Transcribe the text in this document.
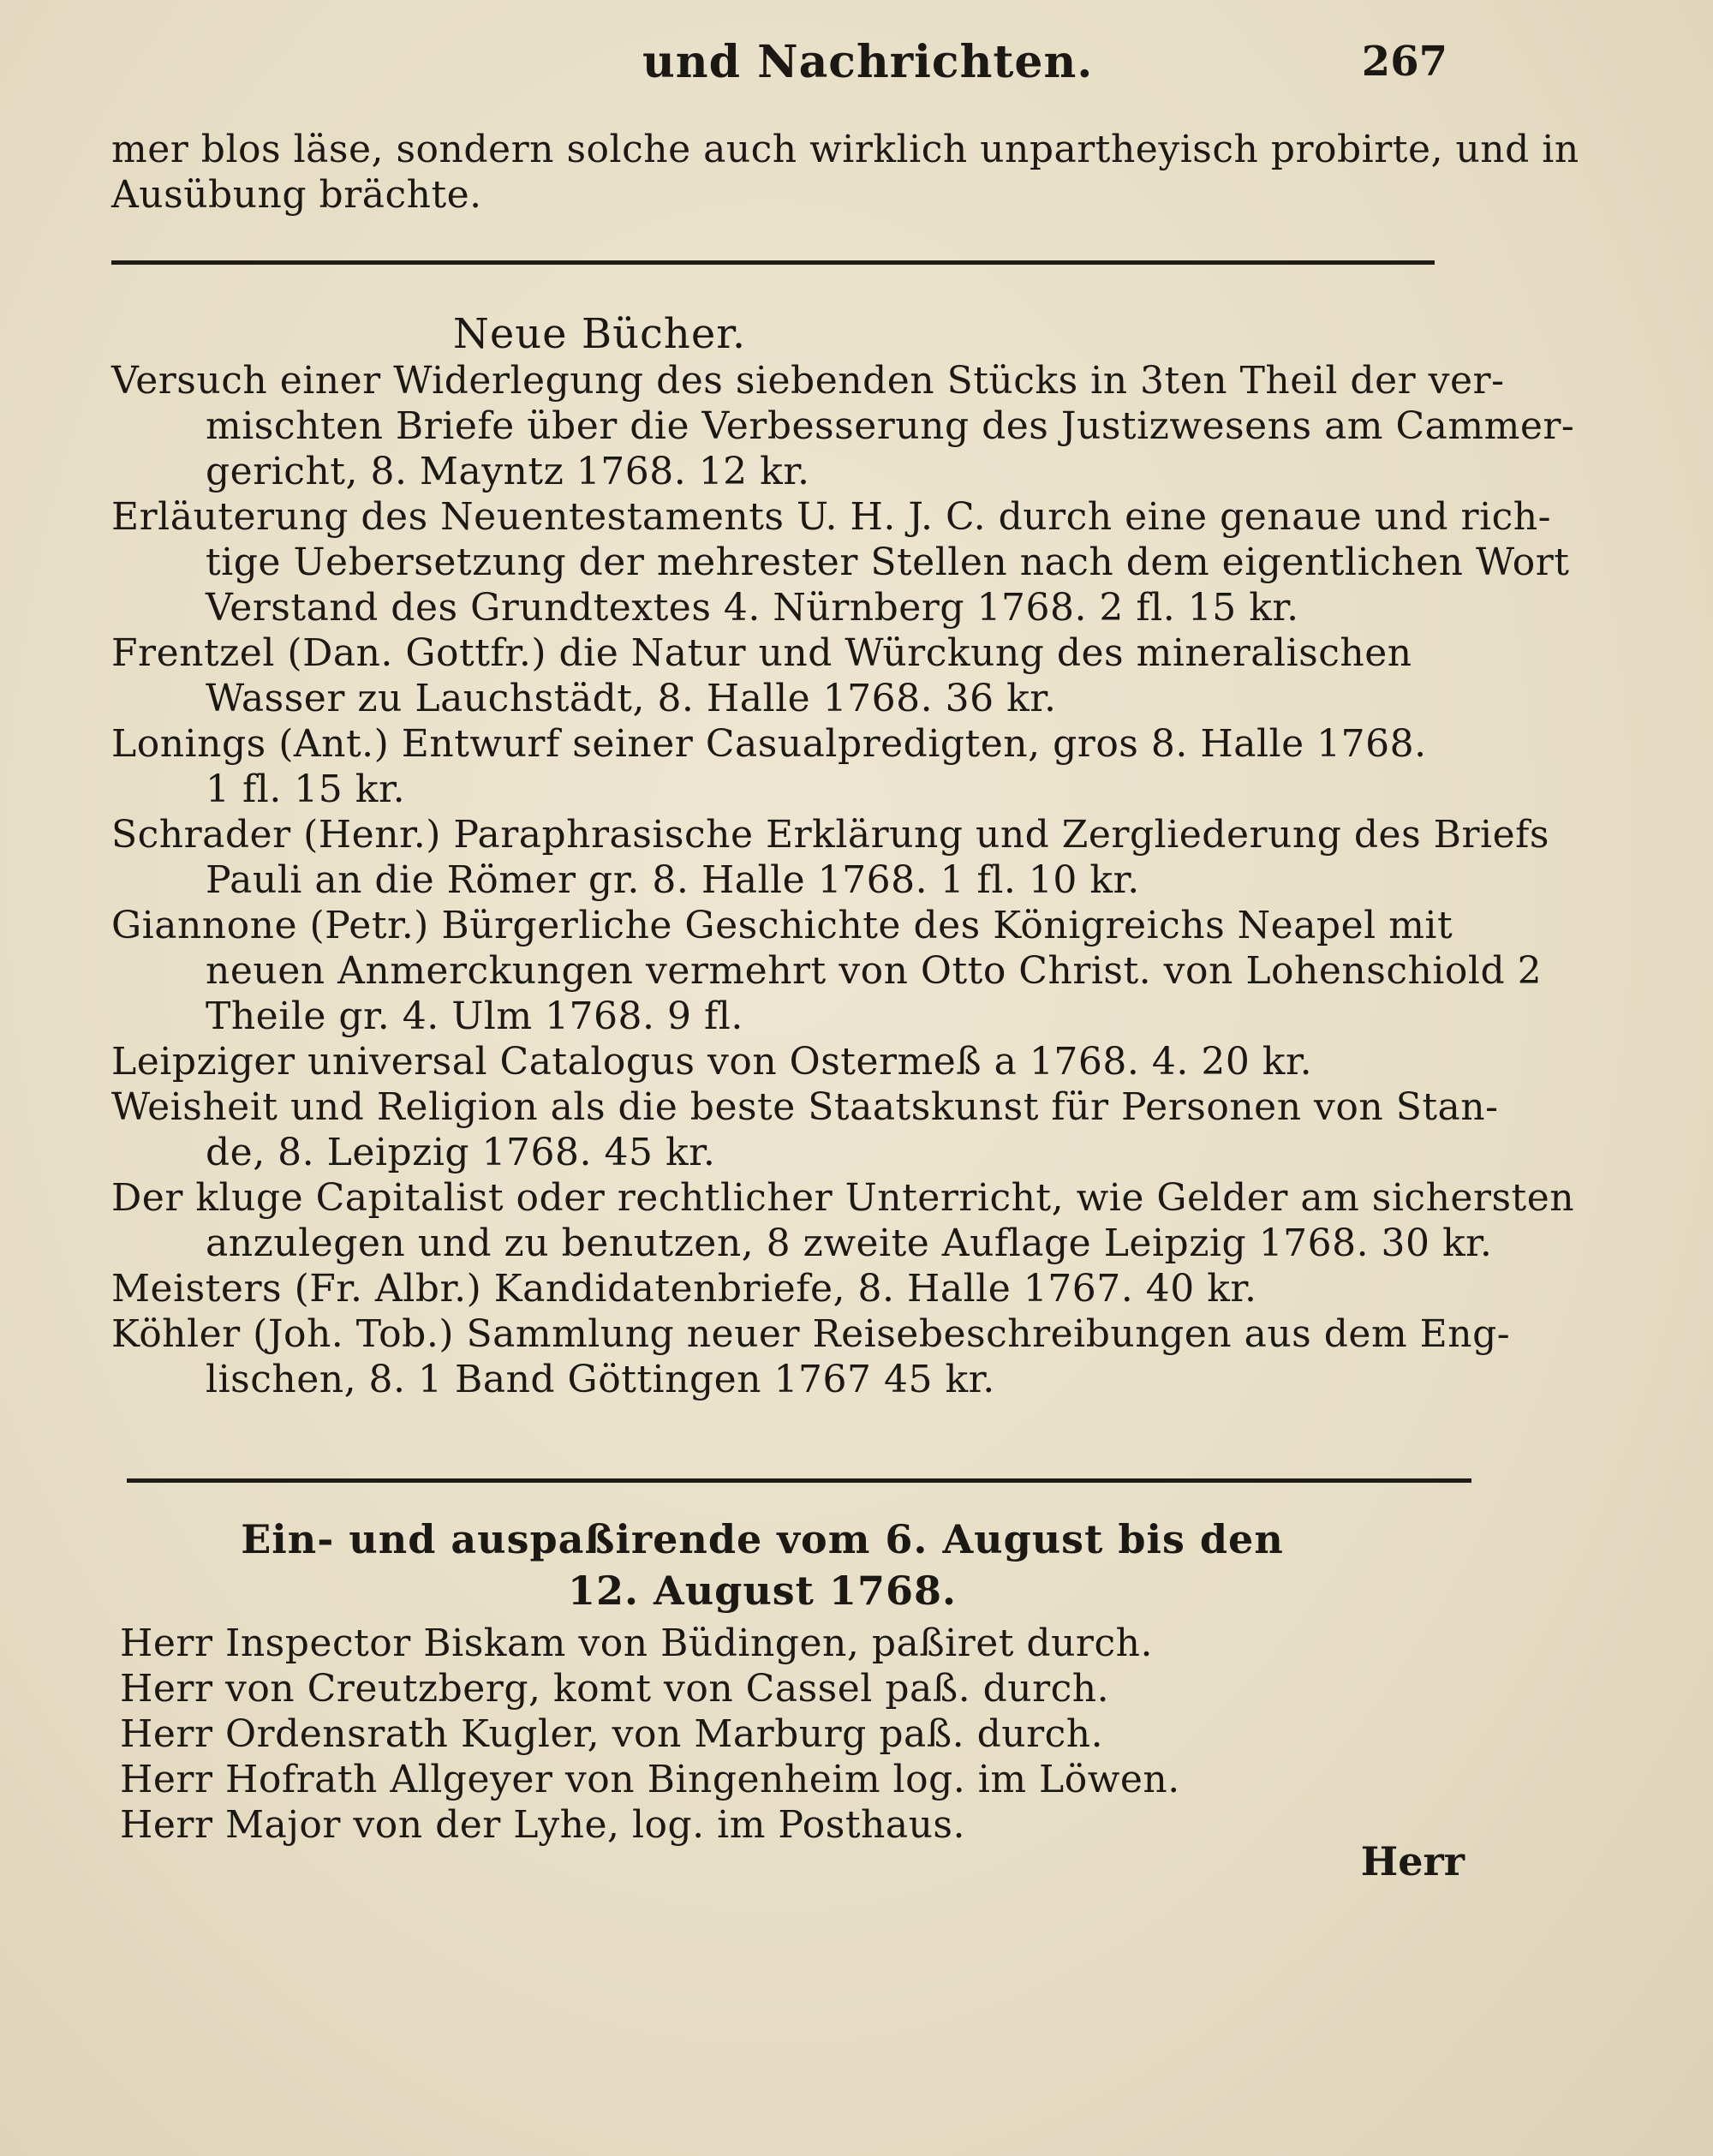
und Nachrichten.	267
mer blos läse, sondern solche auch wirklich unpartheyisch probirte, und in
Ausübung brächte.
Neue Bücher.
Versuch einer Widerlegung des siebenden Stücks in 3ten Theil der ver-
mischten Briefe über die Verbesserung des Justizwesens am Cammer-
gericht, 8. Mayntz 1768. 12 kr.
Erläuterung des Neuentestaments U. H. J. C. durch eine genaue und rich-
tige Uebersetzung der mehrester Stellen nach dem eigentlichen Wort
Verstand des Grundtextes 4. Nürnberg 1768. 2 fl. 15 kr.
Frentzel (Dan. Gottfr.) die Natur und Würckung des mineralischen
Wasser zu Lauchstädt, 8. Halle 1768. 36 kr.
Lonings (Ant.) Entwurf seiner Casualpredigten, gros 8. Halle 1768.
1 fl. 15 kr.
Schrader (Henr.) Paraphrasische Erklärung und Zergliederung des Briefs
Pauli an die Römer gr. 8. Halle 1768. 1 fl. 10 kr.
Giannone (Petr.) Bürgerliche Geschichte des Königreichs Neapel mit
neuen Anmerckungen vermehrt von Otto Christ. von Lohenschiold 2
Theile gr. 4. Ulm 1768. 9 fl.
Leipziger universal Catalogus von Ostermeß a 1768. 4. 20 kr.
Weisheit und Religion als die beste Staatskunst für Personen von Stan-
de, 8. Leipzig 1768. 45 kr.
Der kluge Capitalist oder rechtlicher Unterricht, wie Gelder am sichersten
anzulegen und zu benutzen, 8 zweite Auflage Leipzig 1768. 30 kr.
Meisters (Fr. Albr.) Kandidatenbriefe, 8. Halle 1767. 40 kr.
Köhler (Joh. Tob.) Sammlung neuer Reisebeschreibungen aus dem Eng-
lischen, 8. 1 Band Göttingen 1767 45 kr.
Ein- und auspaßirende vom 6. August bis den
12. August 1768.
Herr Inspector Biskam von Büdingen, paßiret durch.
Herr von Creutzberg, komt von Cassel paß. durch.
Herr Ordensrath Kugler, von Marburg paß. durch.
Herr Hofrath Allgeyer von Bingenheim log. im Löwen.
Herr Major von der Lyhe, log. im Posthaus.
Herr
